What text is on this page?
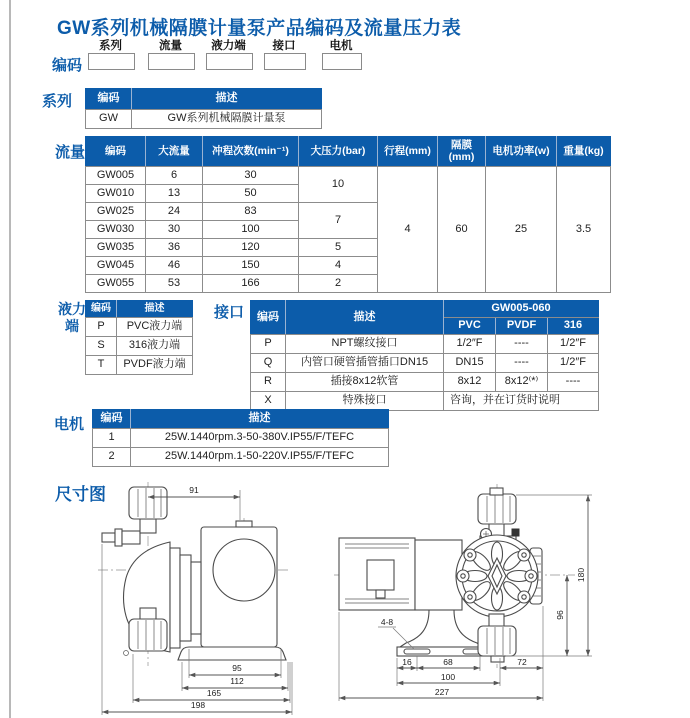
GW系列机械隔膜计量泵产品编码及流量压力表
编码
系列	流量	液力端	接口	电机
系列 编码	描述
GW	GW系列机械隔膜计量泵
流量 编码	大流量	冲程次数(min⁻¹)	大压力(bar)	行程(mm)	隔膜(mm)	电机功率(w)	重量(kg)
GW005	6	30	10	4	60	25	3.5
GW010	13	50					
GW025	24	83	7				
GW030	30	100					
GW035	36	120	5				
GW045	46	150	4				
GW055	53	166	2				
液力端
编码	描述
P	PVC液力端
S	316液力端
T	PVDF液力端
接口 编码	描述	GW005-060		
		PVC	PVDF	316
P	NPT螺纹接口	1/2″F	----	1/2″F
Q	内管口硬管插管插口DN15	DN15	----	1/2″F
R	插接8x12软管	8x12	8x12⁽*⁾	----
X	特殊接口	咨询，并在订货时说明		
电机 编码	描述
1	25W.1440rpm.3-50-380V.IP55/F/TEFC
2	25W.1440rpm.1-50-220V.IP55/F/TEFC
尺寸图	91
95
112
165
198
4-8
180
96
16	68	72
100
227
